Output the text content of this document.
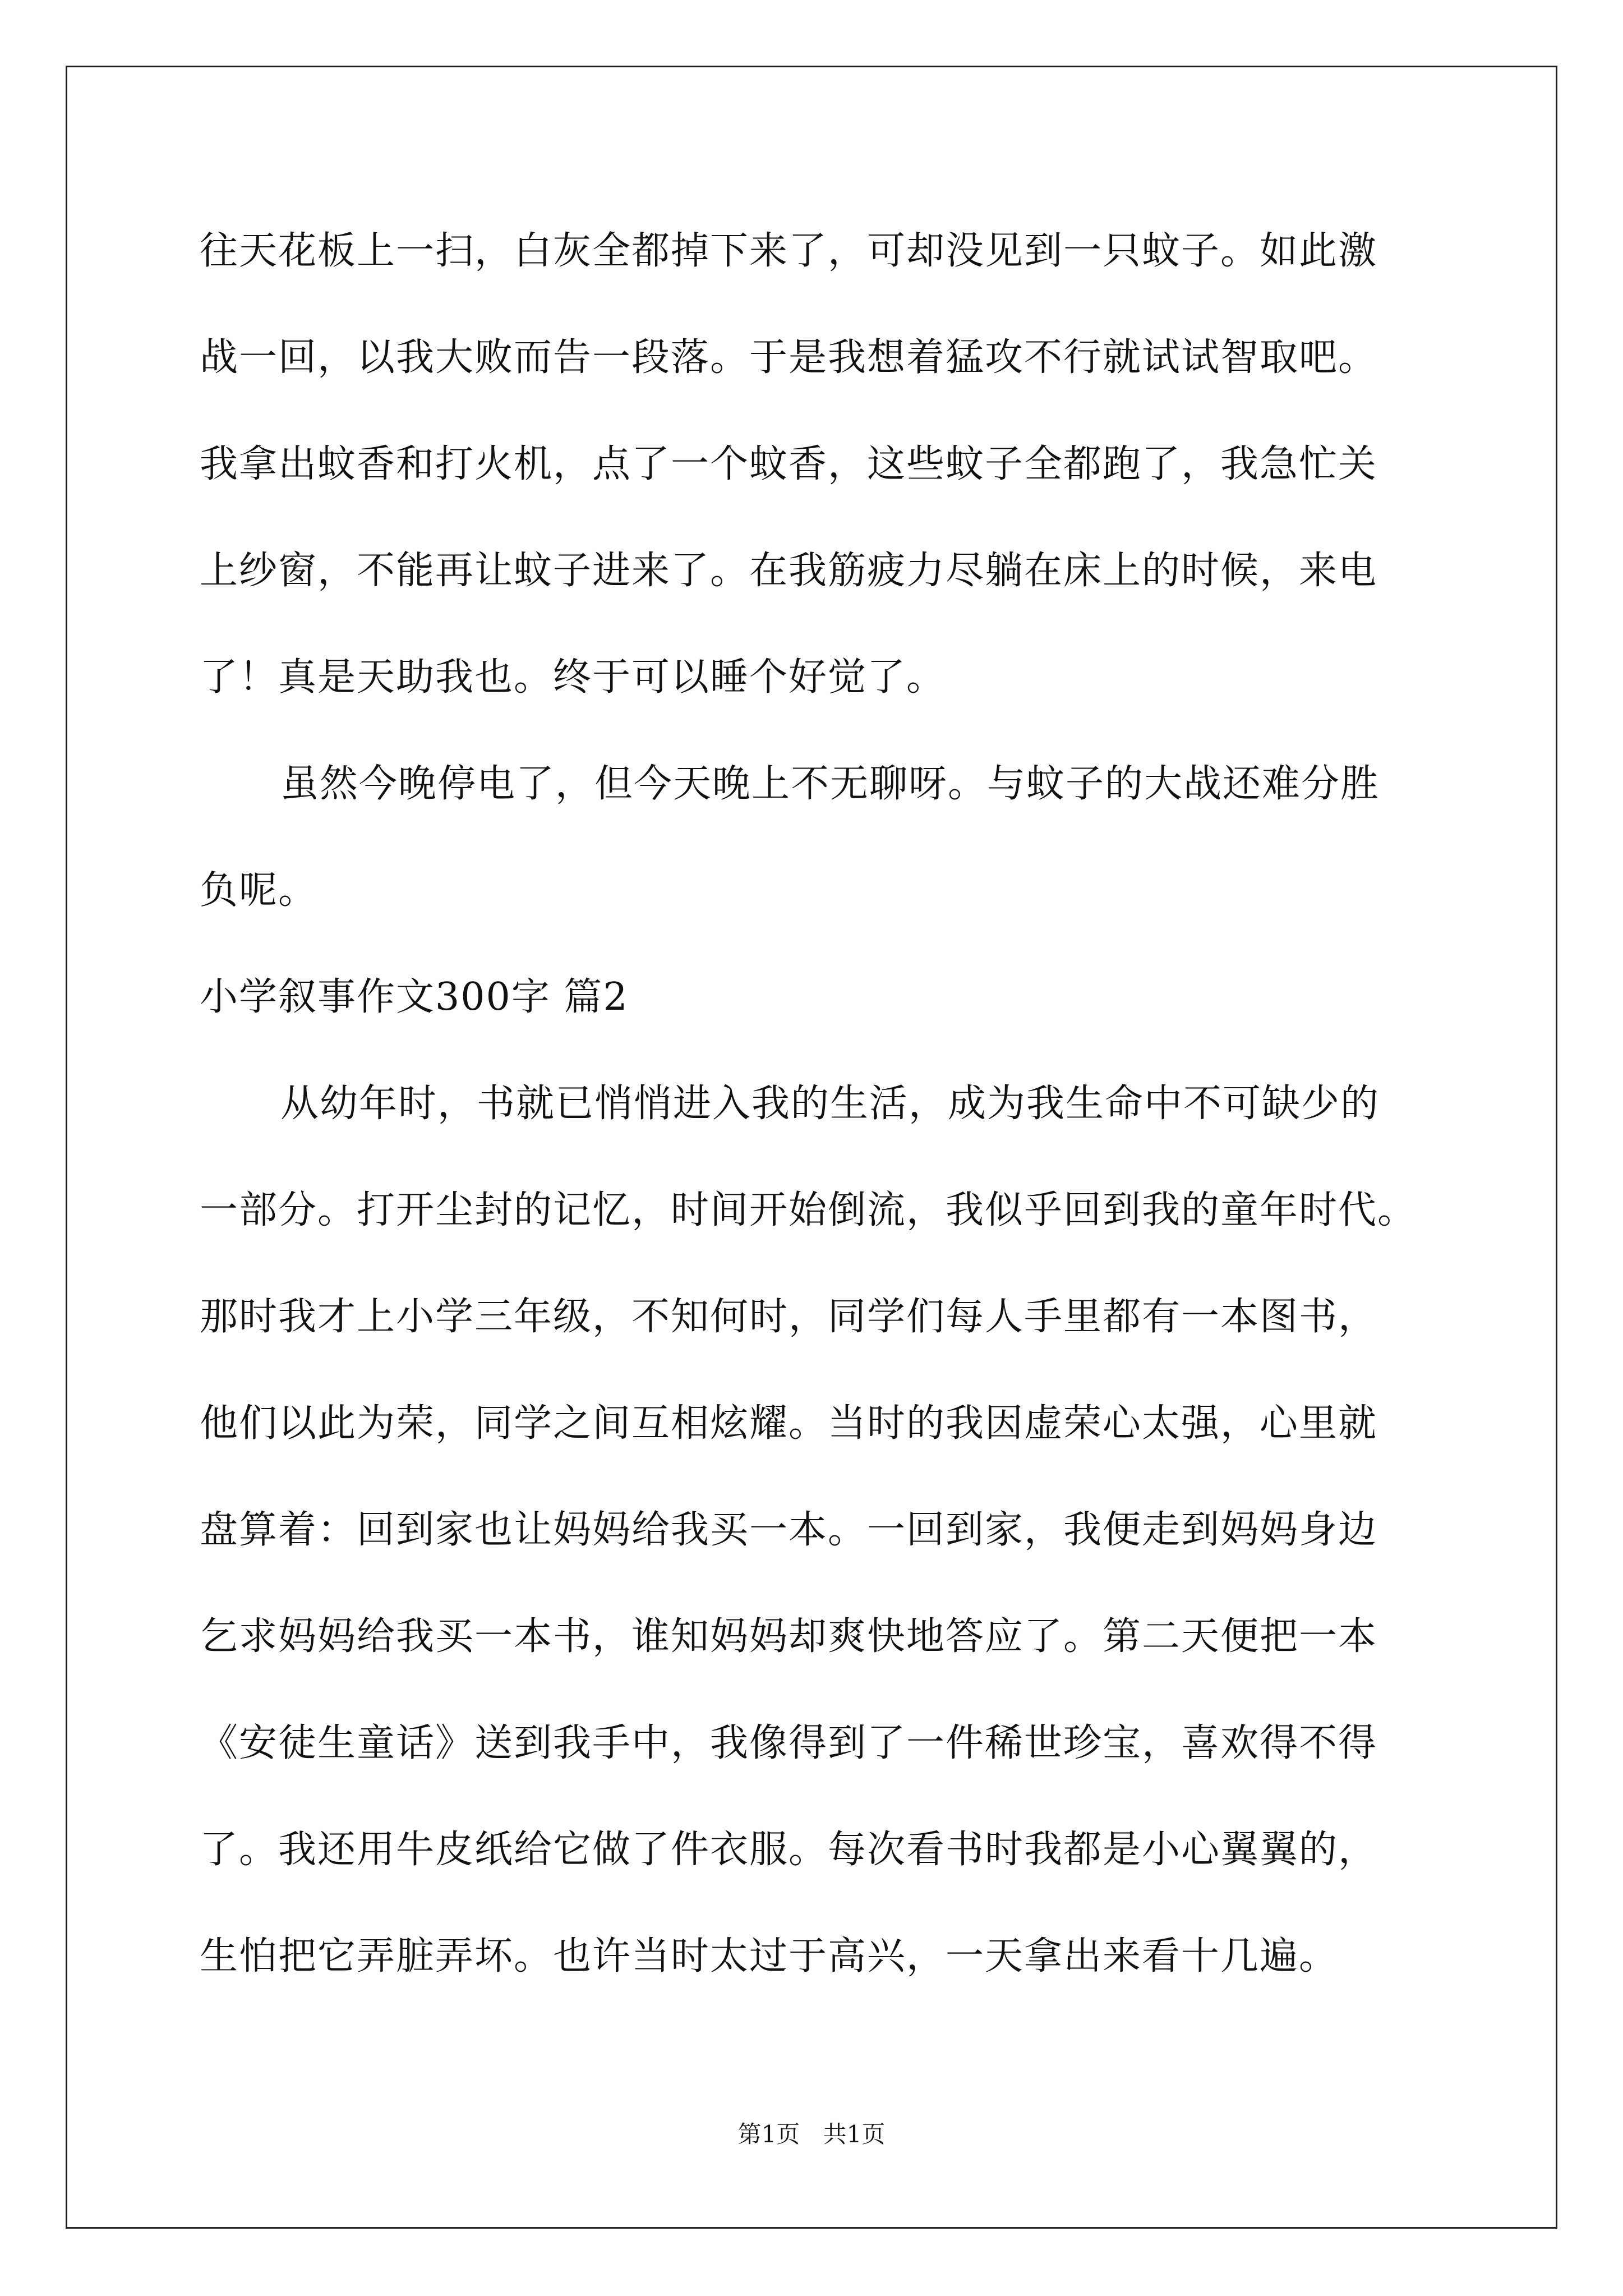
往天花板上一扫，白灰全都掉下来了，可却没见到一只蚊子。如此激
战一回，以我大败而告一段落。于是我想着猛攻不行就试试智取吧。
我拿出蚊香和打火机，点了一个蚊香，这些蚊子全都跑了，我急忙关
上纱窗，不能再让蚊子进来了。在我筋疲力尽躺在床上的时候，来电
了！真是天助我也。终于可以睡个好觉了。
虽然今晚停电了，但今天晚上不无聊呀。与蚊子的大战还难分胜
负呢。
小学叙事作文300字 篇2
从幼年时，书就已悄悄进入我的生活，成为我生命中不可缺少的
一部分。打开尘封的记忆，时间开始倒流，我似乎回到我的童年时代。
那时我才上小学三年级，不知何时，同学们每人手里都有一本图书，
他们以此为荣，同学之间互相炫耀。当时的我因虚荣心太强，心里就
盘算着：回到家也让妈妈给我买一本。一回到家，我便走到妈妈身边
乞求妈妈给我买一本书，谁知妈妈却爽快地答应了。第二天便把一本
《安徒生童话》送到我手中，我像得到了一件稀世珍宝，喜欢得不得
了。我还用牛皮纸给它做了件衣服。每次看书时我都是小心翼翼的，
生怕把它弄脏弄坏。也许当时太过于高兴，一天拿出来看十几遍。
第1页 共1页
